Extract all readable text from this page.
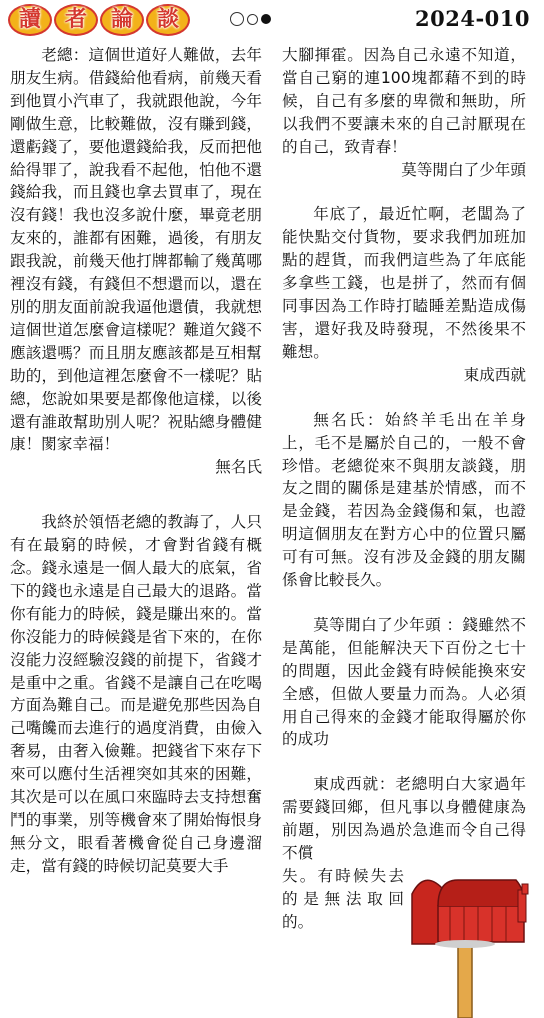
讀	者	論	談	2024-010

老總：這個世道好人難做，去年朋友生病。借錢給他看病，前幾天看到他買小汽車了，我就跟他說，今年剛做生意，比較難做，沒有賺到錢，還虧錢了，要他還錢給我，反而把他給得罪了，說我看不起他，怕他不還錢給我，而且錢也拿去買車了，現在沒有錢！我也沒多說什麼，畢竟老朋友來的，誰都有困難，過後，有朋友跟我說，前幾天他打牌都輸了幾萬哪裡沒有錢，有錢但不想還而以，還在別的朋友面前說我逼他還債，我就想這個世道怎麼會這樣呢？難道欠錢不應該還嗎？而且朋友應該都是互相幫助的，到他這裡怎麼會不一樣呢？貼總，您說如果要是都像他這樣，以後還有誰敢幫助別人呢？祝貼總身體健康！閡家幸福！

無名氏

我終於領悟老總的教誨了，人只有在最窮的時候，才會對省錢有概念。錢永遠是一個人最大的底氣，省下的錢也永遠是自己最大的退路。當你有能力的時候，錢是賺出來的。當你沒能力的時候錢是省下來的，在你沒能力沒經驗沒錢的前提下，省錢才是重中之重。省錢不是讓自己在吃喝方面為難自己。而是避免那些因為自己嘴饞而去進行的過度消費，由儉入奢易，由奢入儉難。把錢省下來存下來可以應付生活裡突如其來的困難，其次是可以在風口來臨時去支持想奮鬥的事業，別等機會來了開始悔恨身無分文，眼看著機會從自己身邊溜走，當有錢的時候切記莫要大手

大腳揮霍。因為自己永遠不知道，當自己窮的連100塊都藉不到的時候，自己有多麼的卑微和無助，所以我們不要讓未來的自己討厭現在的自己，致青春！

莫等閒白了少年頭

年底了，最近忙啊，老闆為了能快點交付貨物，要求我們加班加點的趕貨，而我們這些為了年底能多拿些工錢，也是拼了，然而有個同事因為工作時打瞌睡差點造成傷害，還好我及時發現，不然後果不難想。

東成西就

無名氏：始終羊毛出在羊身上，毛不是屬於自己的，一般不會珍惜。老總從來不與朋友談錢，朋友之間的關係是建基於情感，而不是金錢，若因為金錢傷和氣，也證明這個朋友在對方心中的位置只屬可有可無。沒有涉及金錢的朋友關係會比較長久。

莫等閒白了少年頭 ：錢雖然不是萬能，但能解決天下百份之七十的問題，因此金錢有時候能換來安全感，但做人要量力而為。人必須用自己得來的金錢才能取得屬於你的成功

東成西就：老總明白大家過年需要錢回鄉，但凡事以身體健康為前題，別因為過於急進而令自己得不償

失。有時候失去的是無法取回的。
